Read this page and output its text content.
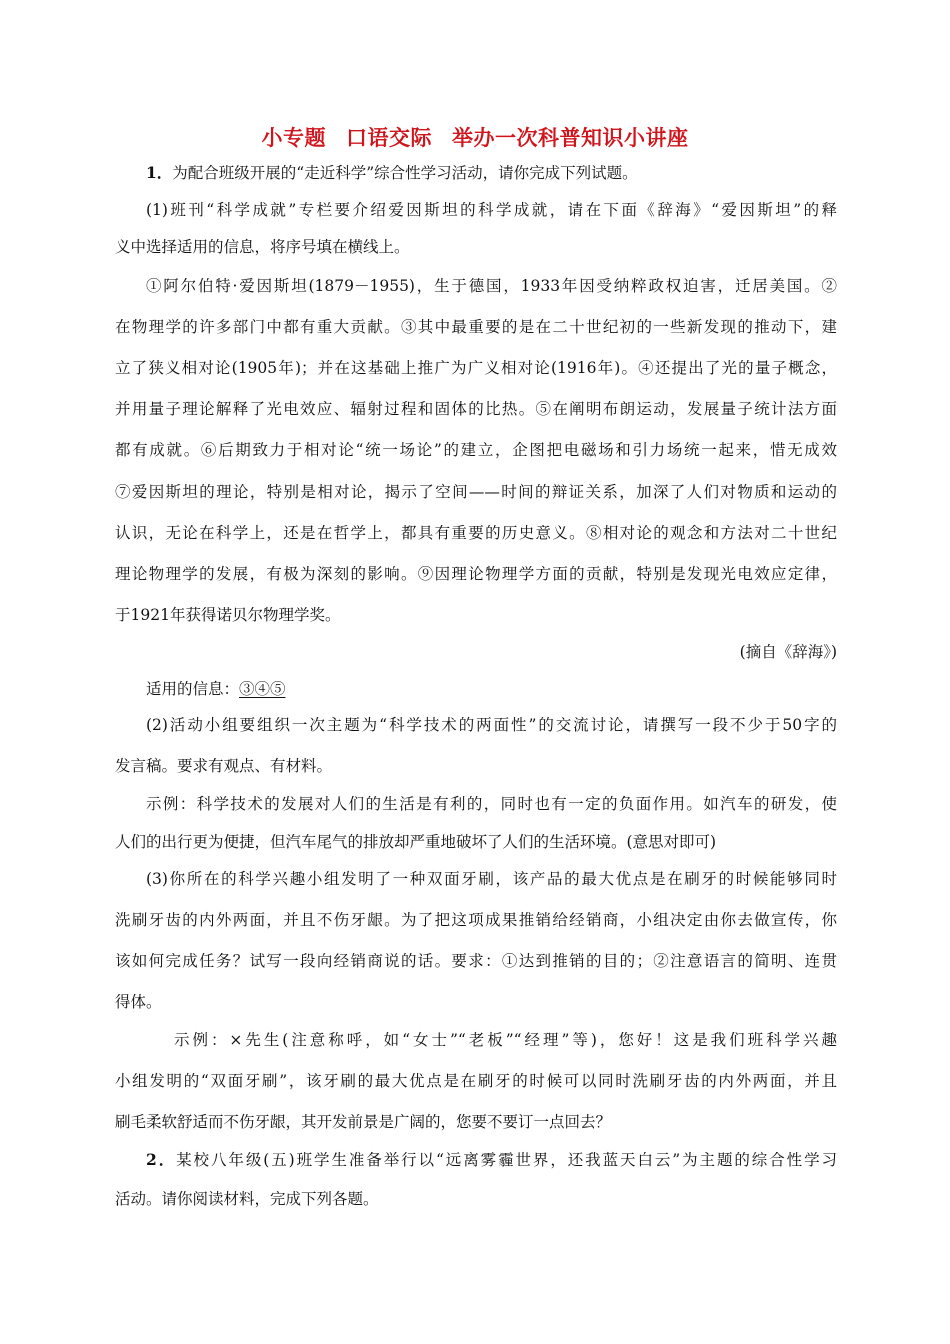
小专题 口语交际 举办一次科普知识小讲座
1．为配合班级开展的“走近科学”综合性学习活动，请你完成下列试题。
(1)班刊“科学成就”专栏要介绍爱因斯坦的科学成就，请在下面《辞海》“爱因斯坦”的释
义中选择适用的信息，将序号填在横线上。
①阿尔伯特·爱因斯坦(1879－1955)，生于德国，1933年因受纳粹政权迫害，迁居美国。②
在物理学的许多部门中都有重大贡献。③其中最重要的是在二十世纪初的一些新发现的推动下，建
立了狭义相对论(1905年)；并在这基础上推广为广义相对论(1916年)。④还提出了光的量子概念，
并用量子理论解释了光电效应、辐射过程和固体的比热。⑤在阐明布朗运动，发展量子统计法方面
都有成就。⑥后期致力于相对论“统一场论”的建立，企图把电磁场和引力场统一起来，惜无成效
⑦爱因斯坦的理论，特别是相对论，揭示了空间——时间的辩证关系，加深了人们对物质和运动的
认识，无论在科学上，还是在哲学上，都具有重要的历史意义。⑧相对论的观念和方法对二十世纪
理论物理学的发展，有极为深刻的影响。⑨因理论物理学方面的贡献，特别是发现光电效应定律，
于1921年获得诺贝尔物理学奖。
(摘自《辞海》)
适用的信息：③④⑤
(2)活动小组要组织一次主题为“科学技术的两面性”的交流讨论，请撰写一段不少于50字的
发言稿。要求有观点、有材料。
示例：科学技术的发展对人们的生活是有利的，同时也有一定的负面作用。如汽车的研发，使
人们的出行更为便捷，但汽车尾气的排放却严重地破坏了人们的生活环境。(意思对即可)
(3)你所在的科学兴趣小组发明了一种双面牙刷，该产品的最大优点是在刷牙的时候能够同时
洗刷牙齿的内外两面，并且不伤牙龈。为了把这项成果推销给经销商，小组决定由你去做宣传，你
该如何完成任务？试写一段向经销商说的话。要求：①达到推销的目的；②注意语言的简明、连贯
得体。
示例：×先生(注意称呼，如“女士”“老板”“经理”等)，您好！这是我们班科学兴趣
小组发明的“双面牙刷”，该牙刷的最大优点是在刷牙的时候可以同时洗刷牙齿的内外两面，并且
刷毛柔软舒适而不伤牙龈，其开发前景是广阔的，您要不要订一点回去？
2．某校八年级(五)班学生准备举行以“远离雾霾世界，还我蓝天白云”为主题的综合性学习
活动。请你阅读材料，完成下列各题。
